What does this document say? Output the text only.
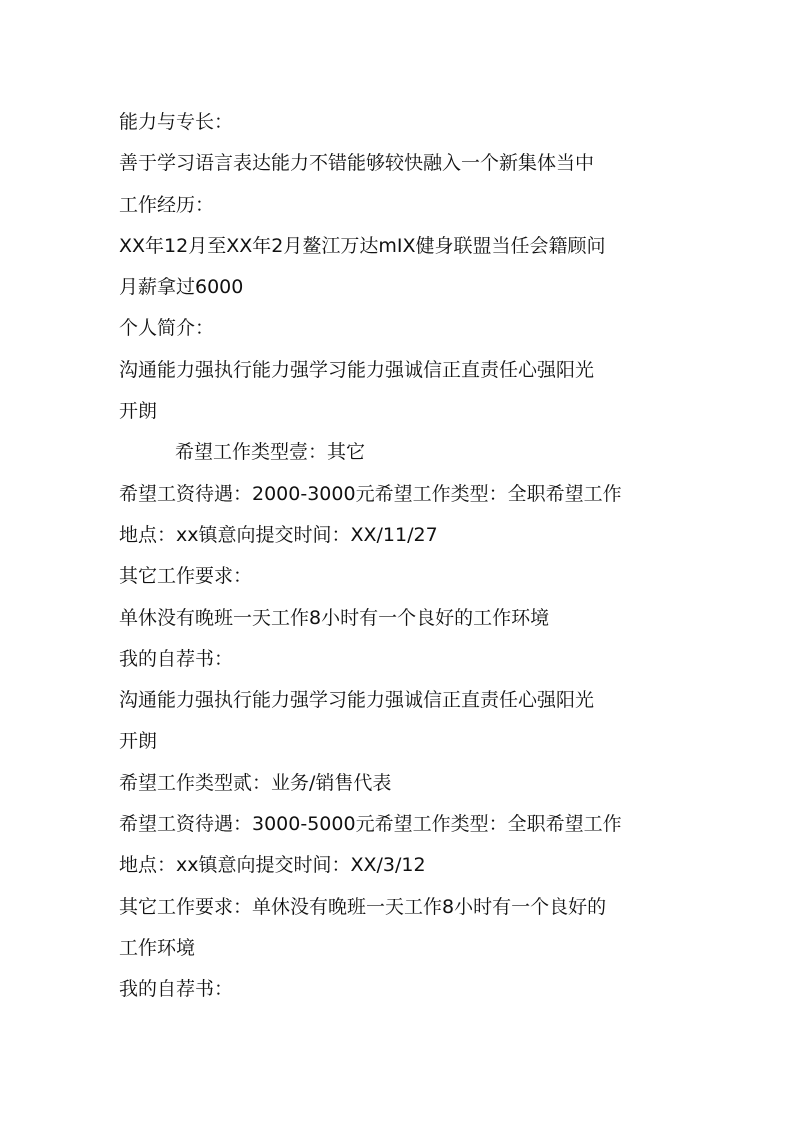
能力与专长：
善于学习语言表达能力不错能够较快融入一个新集体当中
工作经历：
XX年12月至XX年2月鳌江万达mIX健身联盟当任会籍顾问
月薪拿过6000
个人简介：
沟通能力强执行能力强学习能力强诚信正直责任心强阳光
开朗
希望工作类型壹：其它
希望工资待遇：2000-3000元希望工作类型：全职希望工作
地点：xx镇意向提交时间：XX/11/27
其它工作要求：
单休没有晚班一天工作8小时有一个良好的工作环境
我的自荐书：
沟通能力强执行能力强学习能力强诚信正直责任心强阳光
开朗
希望工作类型贰：业务/销售代表
希望工资待遇：3000-5000元希望工作类型：全职希望工作
地点：xx镇意向提交时间：XX/3/12
其它工作要求：单休没有晚班一天工作8小时有一个良好的
工作环境
我的自荐书：
